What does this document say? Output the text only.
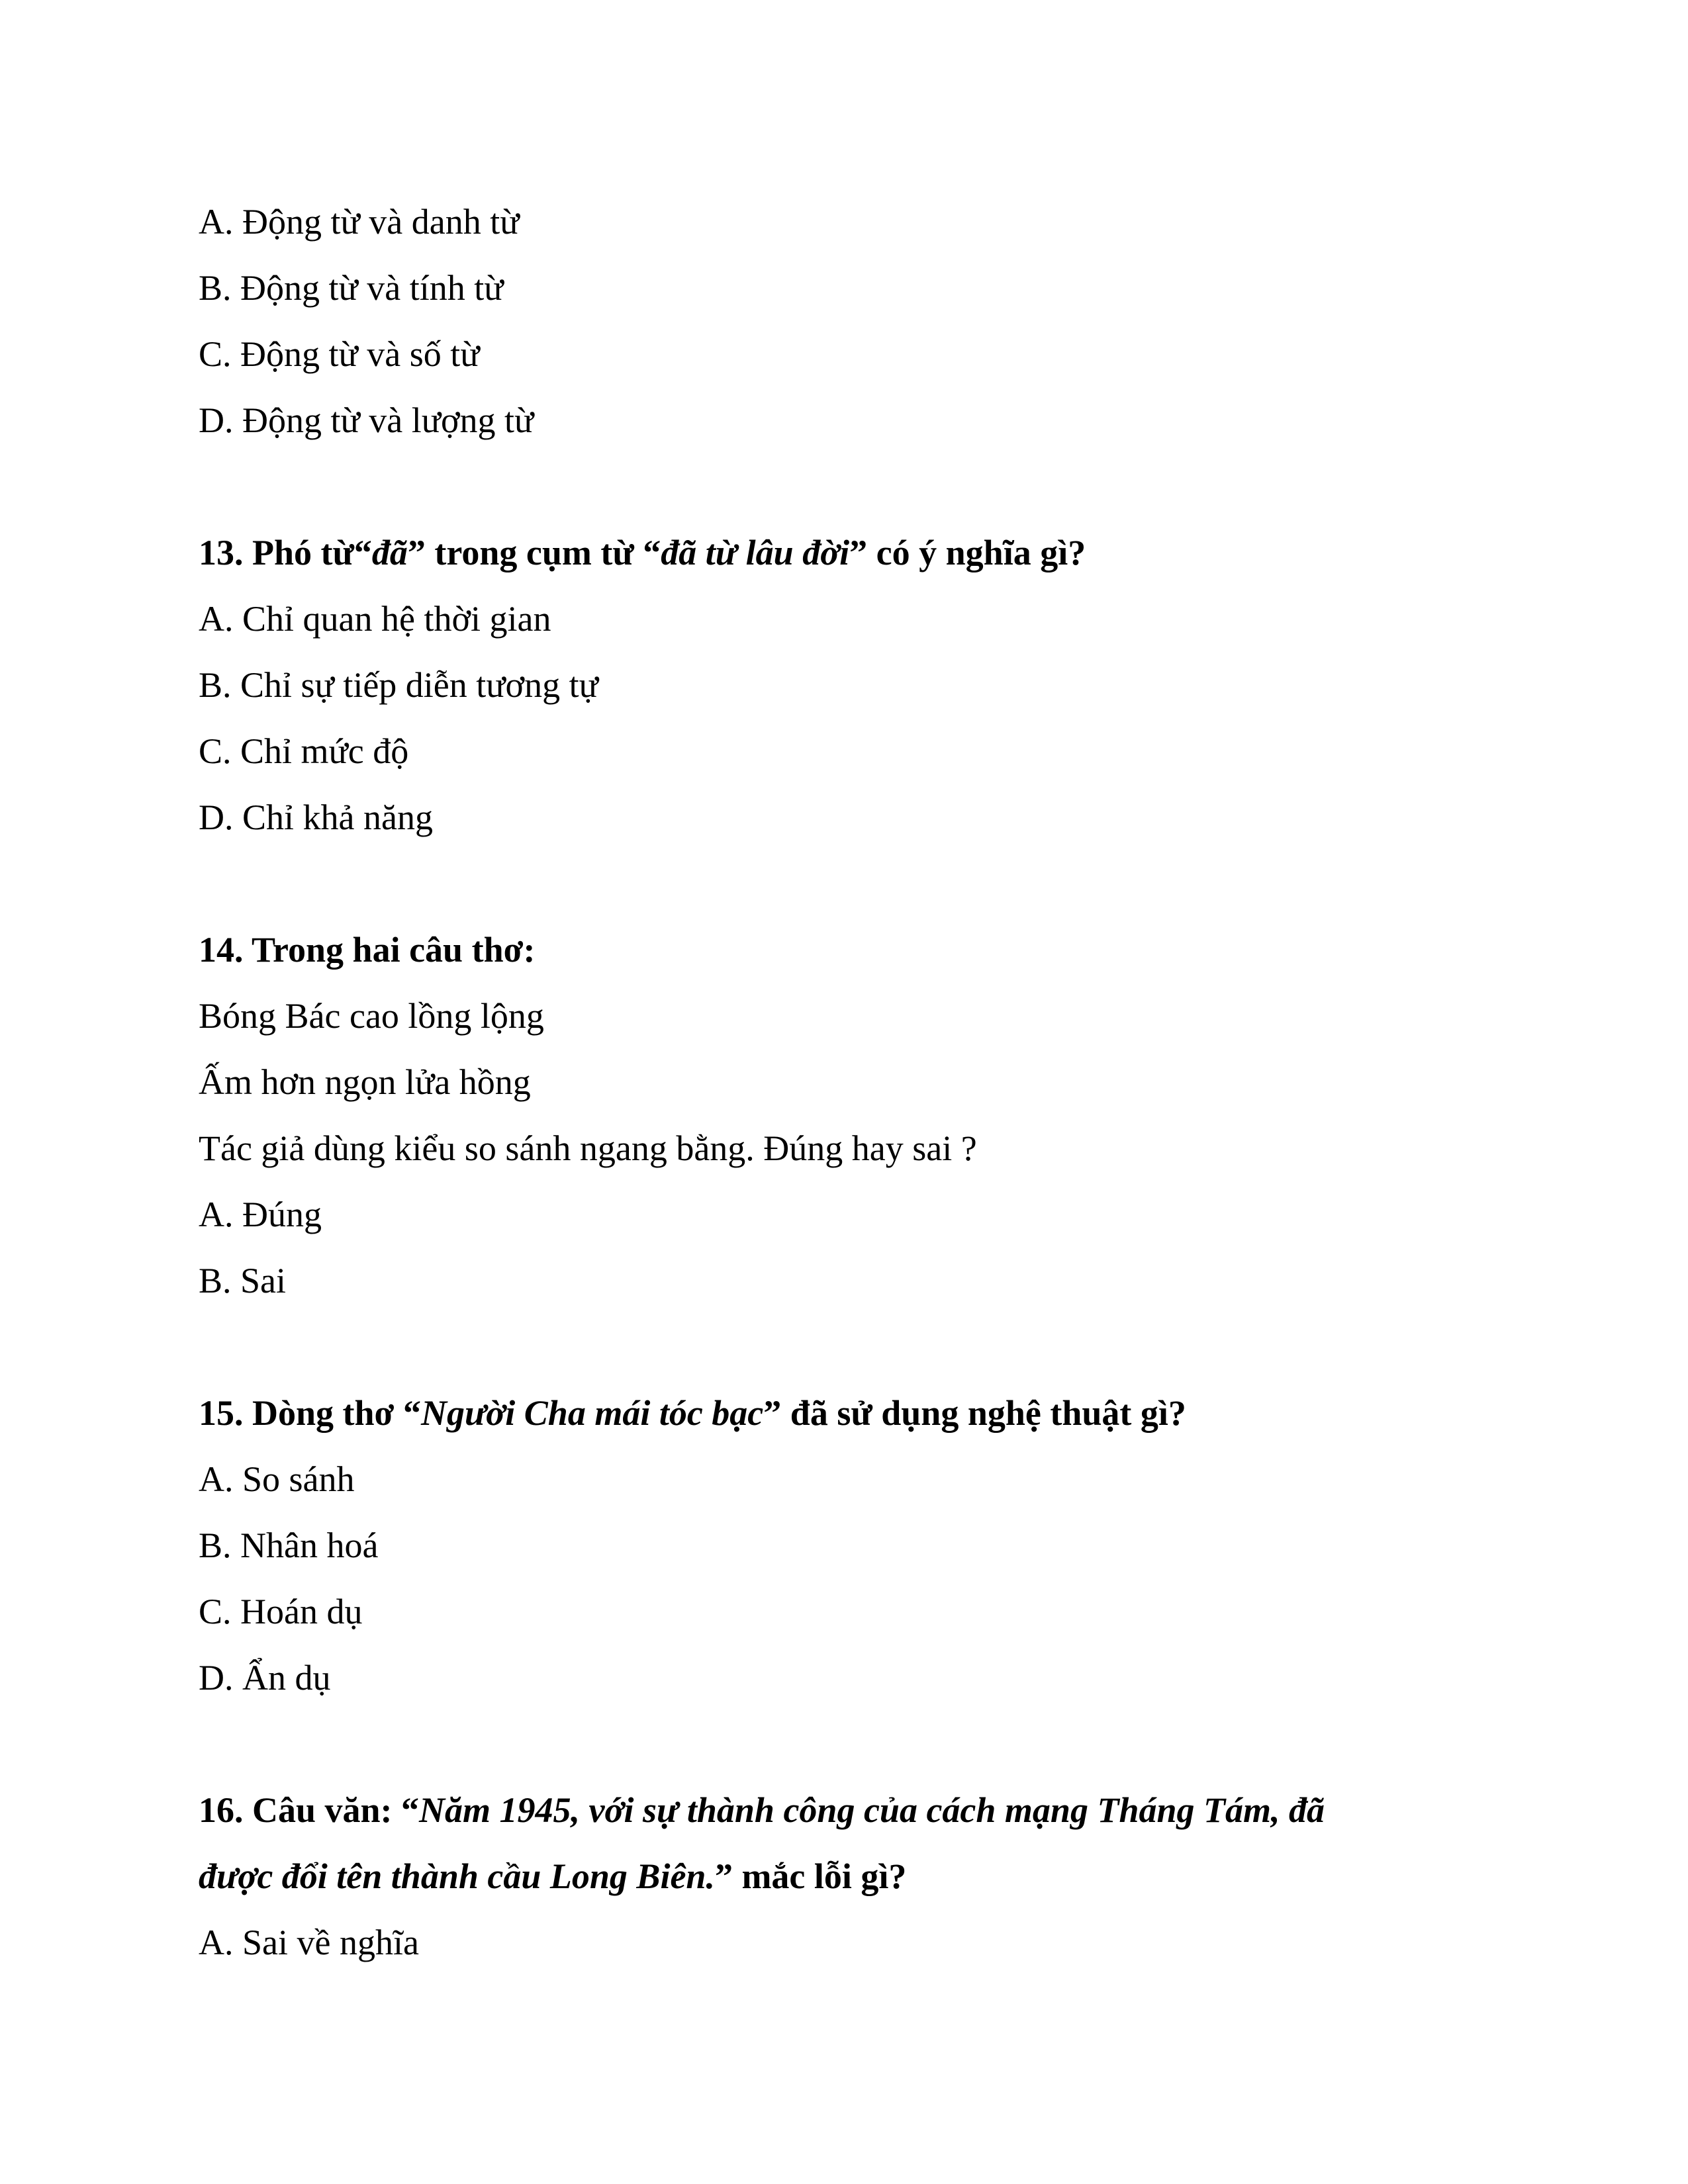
A. Động từ và danh từ
B. Động từ và tính từ
C. Động từ và số từ
D. Động từ và lượng từ
13. Phó từ“đã” trong cụm từ “đã từ lâu đời” có ý nghĩa gì?
A. Chỉ quan hệ thời gian
B. Chỉ sự tiếp diễn tương tự
C. Chỉ mức độ
D. Chỉ khả năng
14. Trong hai câu thơ:
Bóng Bác cao lồng lộng
Ấm hơn ngọn lửa hồng
Tác giả dùng kiểu so sánh ngang bằng. Đúng hay sai ?
A. Đúng
B. Sai
15. Dòng thơ “Người Cha mái tóc bạc” đã sử dụng nghệ thuật gì?
A. So sánh
B. Nhân hoá
C. Hoán dụ
D. Ẩn dụ
16. Câu văn: “Năm 1945, với sự thành công của cách mạng Tháng Tám, đã
được đổi tên thành cầu Long Biên.” mắc lỗi gì?
A. Sai về nghĩa
